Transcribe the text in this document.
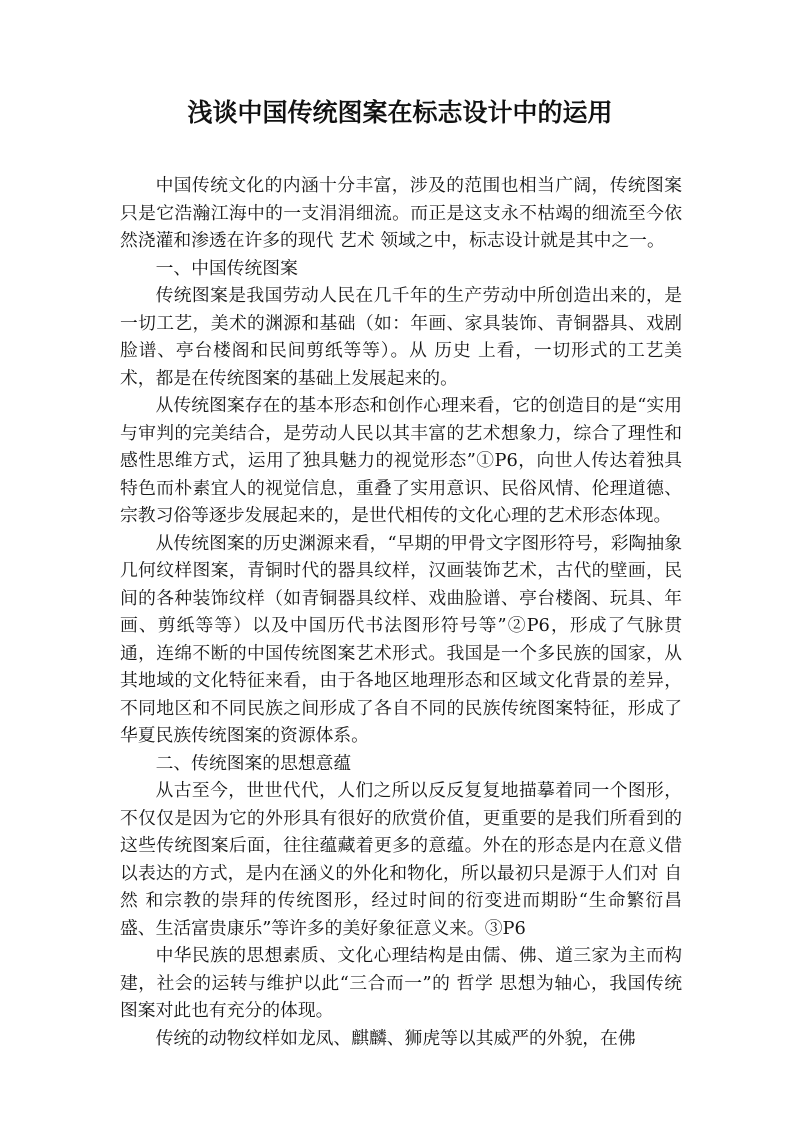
浅谈中国传统图案在标志设计中的运用

中国传统文化的内涵十分丰富，涉及的范围也相当广阔，传统图案只是它浩瀚江海中的一支涓涓细流。而正是这支永不枯竭的细流至今依然浇灌和渗透在许多的现代 艺术 领域之中，标志设计就是其中之一。

一、中国传统图案

传统图案是我国劳动人民在几千年的生产劳动中所创造出来的，是一切工艺，美术的渊源和基础（如：年画、家具装饰、青铜器具、戏剧脸谱、亭台楼阁和民间剪纸等等）。从 历史 上看，一切形式的工艺美术，都是在传统图案的基础上发展起来的。

从传统图案存在的基本形态和创作心理来看，它的创造目的是“实用与审判的完美结合，是劳动人民以其丰富的艺术想象力，综合了理性和感性思维方式，运用了独具魅力的视觉形态”①P6，向世人传达着独具特色而朴素宜人的视觉信息，重叠了实用意识、民俗风情、伦理道德、宗教习俗等逐步发展起来的，是世代相传的文化心理的艺术形态体现。

从传统图案的历史渊源来看，“早期的甲骨文字图形符号，彩陶抽象几何纹样图案，青铜时代的器具纹样，汉画装饰艺术，古代的壁画，民间的各种装饰纹样（如青铜器具纹样、戏曲脸谱、亭台楼阁、玩具、年画、剪纸等等）以及中国历代书法图形符号等”②P6，形成了气脉贯通，连绵不断的中国传统图案艺术形式。我国是一个多民族的国家，从其地域的文化特征来看，由于各地区地理形态和区域文化背景的差异，不同地区和不同民族之间形成了各自不同的民族传统图案特征，形成了华夏民族传统图案的资源体系。

二、传统图案的思想意蕴

从古至今，世世代代，人们之所以反反复复地描摹着同一个图形，不仅仅是因为它的外形具有很好的欣赏价值，更重要的是我们所看到的这些传统图案后面，往往蕴藏着更多的意蕴。外在的形态是内在意义借以表达的方式，是内在涵义的外化和物化，所以最初只是源于人们对 自然 和宗教的崇拜的传统图形，经过时间的衍变进而期盼“生命繁衍昌盛、生活富贵康乐”等许多的美好象征意义来。③P6

中华民族的思想素质、文化心理结构是由儒、佛、道三家为主而构建，社会的运转与维护以此“三合而一”的 哲学 思想为轴心，我国传统图案对此也有充分的体现。

传统的动物纹样如龙凤、麒麟、狮虎等以其威严的外貌，在佛
